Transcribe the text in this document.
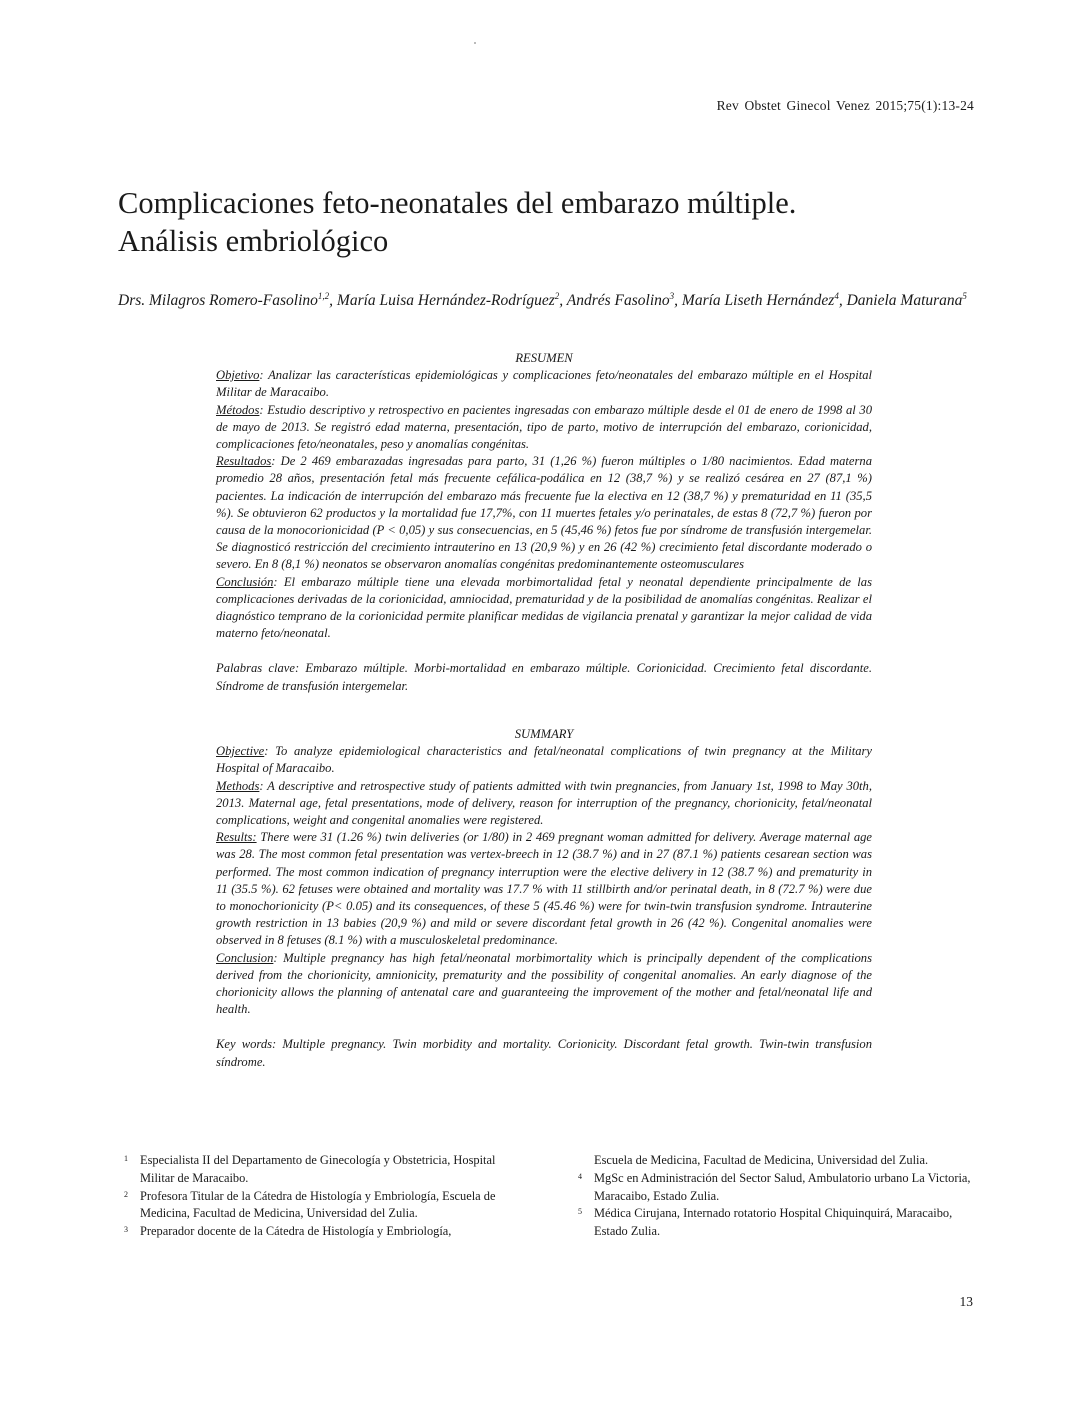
Rev Obstet Ginecol Venez 2015;75(1):13-24
Complicaciones feto-neonatales del embarazo múltiple.
Análisis embriológico
Drs. Milagros Romero-Fasolino$^{1,2}$, María Luisa Hernández-Rodríguez$^2$, Andrés Fasolino$^3$, María Liseth Hernández$^4$, Daniela Maturana$^5$

RESUMEN

Objetivo: Analizar las características epidemiológicas y complicaciones feto/neonatales del embarazo múltiple en el Hospital Militar de Maracaibo.

Métodos: Estudio descriptivo y retrospectivo en pacientes ingresadas con embarazo múltiple desde el 01 de enero de 1998 al 30 de mayo de 2013. Se registró edad materna, presentación, tipo de parto, motivo de interrupción del embarazo, corionicidad, complicaciones feto/neonatales, peso y anomalías congénitas.

Resultados: De 2 469 embarazadas ingresadas para parto, 31 (1,26 %) fueron múltiples o 1/80 nacimientos. Edad materna promedio 28 años, presentación fetal más frecuente cefálica-podálica en 12 (38,7 %) y se realizó cesárea en 27 (87,1 %) pacientes. La indicación de interrupción del embarazo más frecuente fue la electiva en 12 (38,7 %) y prematuridad en 11 (35,5 %). Se obtuvieron 62 productos y la mortalidad fue 17,7%, con 11 muertes fetales y/o perinatales, de estas 8 (72,7 %) fueron por causa de la monocorionicidad (P < 0,05) y sus consecuencias, en 5 (45,46 %) fetos fue por síndrome de transfusión intergemelar. Se diagnosticó restricción del crecimiento intrauterino en 13 (20,9 %) y en 26 (42 %) crecimiento fetal discordante moderado o severo. En 8 (8,1 %) neonatos se observaron anomalías congénitas predominantemente osteomusculares

Conclusión: El embarazo múltiple tiene una elevada morbimortalidad fetal y neonatal dependiente principalmente de las complicaciones derivadas de la corionicidad, amniocidad, prematuridad y de la posibilidad de anomalías congénitas. Realizar el diagnóstico temprano de la corionicidad permite planificar medidas de vigilancia prenatal y garantizar la mejor calidad de vida materno feto/neonatal.

Palabras clave: Embarazo múltiple. Morbi-mortalidad en embarazo múltiple. Corionicidad. Crecimiento fetal discordante. Síndrome de transfusión intergemelar.

SUMMARY

Objective: To analyze epidemiological characteristics and fetal/neonatal complications of twin pregnancy at the Military Hospital of Maracaibo.

Methods: A descriptive and retrospective study of patients admitted with twin pregnancies, from January 1st, 1998 to May 30th, 2013. Maternal age, fetal presentations, mode of delivery, reason for interruption of the pregnancy, chorionicity, fetal/neonatal complications, weight and congenital anomalies were registered.

Results: There were 31 (1.26 %) twin deliveries (or 1/80) in 2 469 pregnant woman admitted for delivery. Average maternal age was 28. The most common fetal presentation was vertex-breech in 12 (38.7 %) and in 27 (87.1 %) patients cesarean section was performed. The most common indication of pregnancy interruption were the elective delivery in 12 (38.7 %) and prematurity in 11 (35.5 %). 62 fetuses were obtained and mortality was 17.7 % with 11 stillbirth and/or perinatal death, in 8 (72.7 %) were due to monochorionicity (P< 0.05) and its consequences, of these 5 (45.46 %) were for twin-twin transfusion syndrome. Intrauterine growth restriction in 13 babies (20,9 %) and mild or severe discordant fetal growth in 26 (42 %). Congenital anomalies were observed in 8 fetuses (8.1 %) with a musculoskeletal predominance.

Conclusion: Multiple pregnancy has high fetal/neonatal morbimortality which is principally dependent of the complications derived from the chorionicity, amnionicity, prematurity and the possibility of congenital anomalies. An early diagnose of the chorionicity allows the planning of antenatal care and guaranteeing the improvement of the mother and fetal/neonatal life and health.

Key words: Multiple pregnancy. Twin morbidity and mortality. Corionicity. Discordant fetal growth. Twin-twin transfusion síndrome.

1 Especialista II del Departamento de Ginecología y Obstetricia, Hospital Militar de Maracaibo.
2 Profesora Titular de la Cátedra de Histología y Embriología, Escuela de Medicina, Facultad de Medicina, Universidad del Zulia.
3 Preparador docente de la Cátedra de Histología y Embriología,
Escuela de Medicina, Facultad de Medicina, Universidad del Zulia.
4 MgSc en Administración del Sector Salud, Ambulatorio urbano La Victoria, Maracaibo, Estado Zulia.
5 Médica Cirujana, Internado rotatorio Hospital Chiquinquirá, Maracaibo, Estado Zulia.
13
